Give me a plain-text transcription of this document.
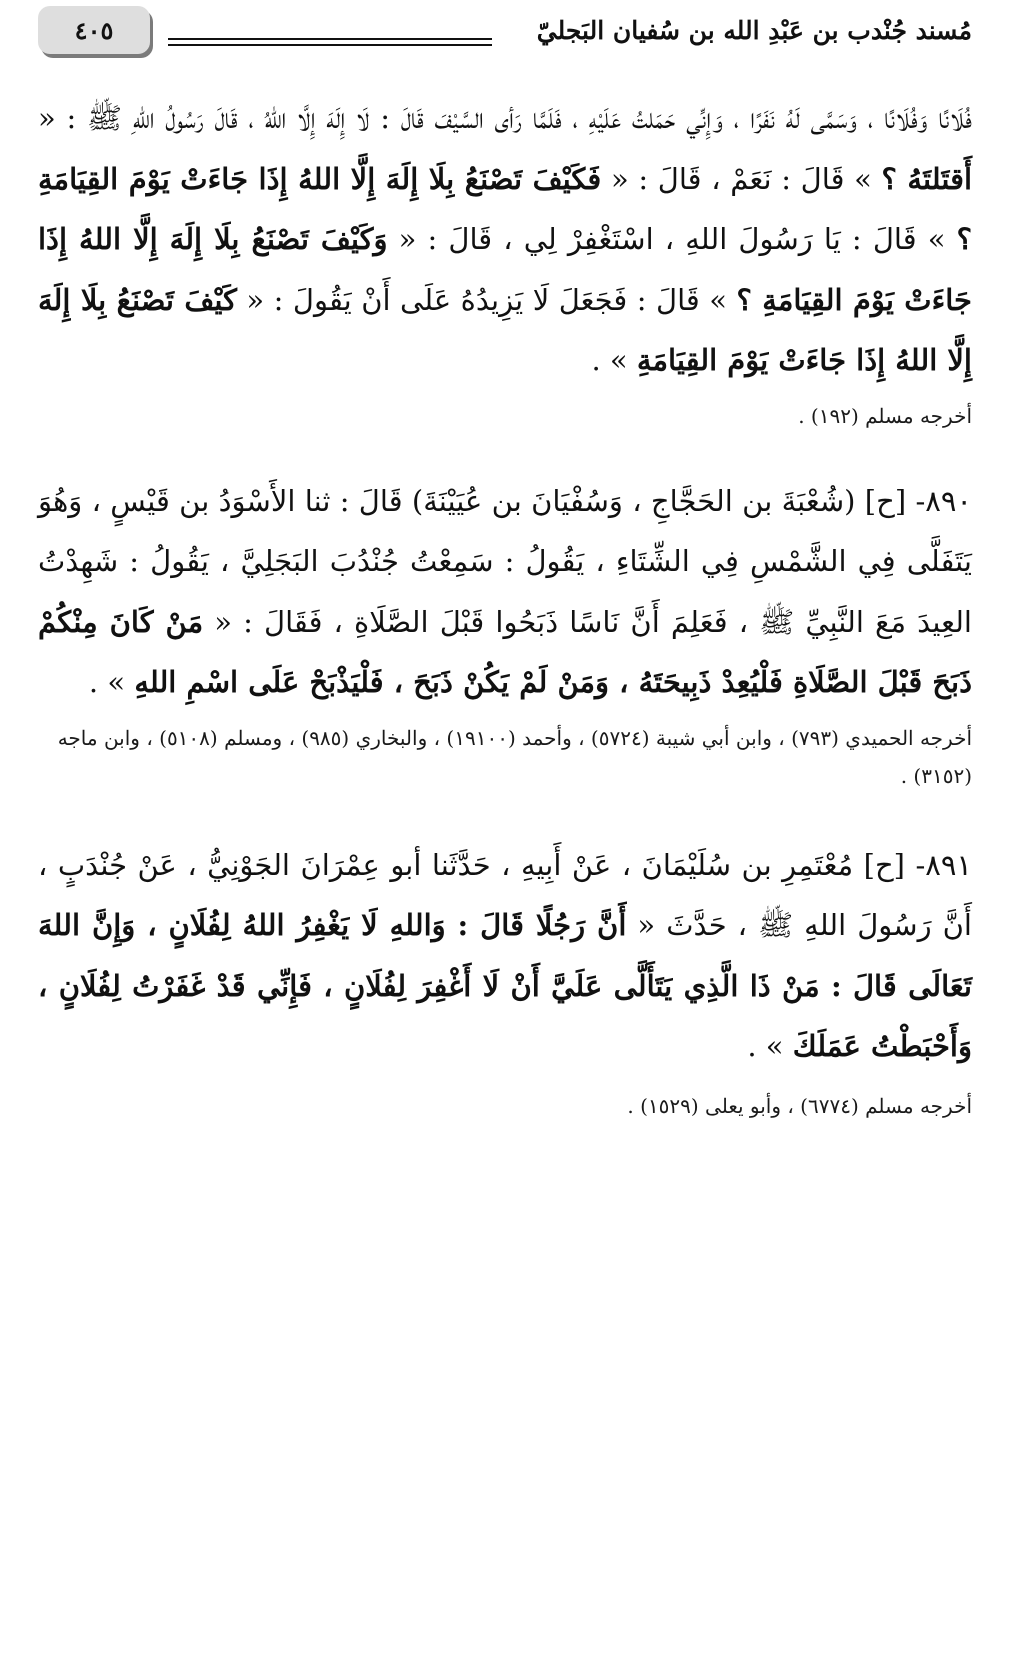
مُسند جُنْدب بن عَبْدِ الله بن سُفيان البَجليّ
٤٠٥

فُلَانًا وَفُلَانًا ، وَسَمَّى لَهُ نَفَرًا ، وَإِنِّي حَمَلتُ عَلَيْهِ ، فَلَمَّا رَأى السَّيْفَ قَالَ : لَا إِلَهَ إِلَّا اللهُ ، قَالَ رَسُولُ اللهِ ﷺ : « أَقتَلتَهُ ؟ » قَالَ : نَعَمْ ، قَالَ : « فَكَيْفَ تَصْنَعُ بِلَا إِلَهَ إِلَّا اللهُ إِذَا جَاءَتْ يَوْمَ القِيَامَةِ ؟ » قَالَ : يَا رَسُولَ اللهِ ، اسْتَغْفِرْ لِي ، قَالَ : « وَكَيْفَ تَصْنَعُ بِلَا إِلَهَ إِلَّا اللهُ إِذَا جَاءَتْ يَوْمَ القِيَامَةِ ؟ » قَالَ : فَجَعَلَ لَا يَزِيدُهُ عَلَى أَنْ يَقُولَ : « كَيْفَ تَصْنَعُ بِلَا إِلَهَ إِلَّا اللهُ إِذَا جَاءَتْ يَوْمَ القِيَامَةِ » .

أخرجه مسلم (١٩٢) .

٨٩٠- [ح] (شُعْبَةَ بن الحَجَّاجِ ، وَسُفْيَانَ بن عُيَيْنَةَ) قَالَ : ثنا الأَسْوَدُ بن قَيْسٍ ، وَهُوَ يَتَفَلَّى فِي الشَّمْسِ فِي الشِّتَاءِ ، يَقُولُ : سَمِعْتُ جُنْدُبَ البَجَلِيَّ ، يَقُولُ : شَهِدْتُ العِيدَ مَعَ النَّبِيِّ ﷺ ، فَعَلِمَ أَنَّ نَاسًا ذَبَحُوا قَبْلَ الصَّلَاةِ ، فَقَالَ : « مَنْ كَانَ مِنْكُمْ ذَبَحَ قَبْلَ الصَّلَاةِ فَلْيُعِدْ ذَبِيحَتَهُ ، وَمَنْ لَمْ يَكُنْ ذَبَحَ ، فَلْيَذْبَحْ عَلَى اسْمِ اللهِ » .

أخرجه الحميدي (٧٩٣) ، وابن أبي شيبة (٥٧٢٤) ، وأحمد (١٩١٠٠) ، والبخاري (٩٨٥) ، ومسلم (٥١٠٨) ، وابن ماجه (٣١٥٢) .

٨٩١- [ح] مُعْتَمِرِ بن سُلَيْمَانَ ، عَنْ أَبِيهِ ، حَدَّثَنا أبو عِمْرَانَ الجَوْنِيُّ ، عَنْ جُنْدَبٍ ، أَنَّ رَسُولَ اللهِ ﷺ ، حَدَّثَ « أَنَّ رَجُلًا قَالَ : وَاللهِ لَا يَغْفِرُ اللهُ لِفُلَانٍ ، وَإِنَّ اللهَ تَعَالَى قَالَ : مَنْ ذَا الَّذِي يَتَأَلَّى عَلَيَّ أَنْ لَا أَغْفِرَ لِفُلَانٍ ، فَإِنِّي قَدْ غَفَرْتُ لِفُلَانٍ ، وَأَحْبَطْتُ عَمَلَكَ » .

أخرجه مسلم (٦٧٧٤) ، وأبو يعلى (١٥٢٩) .
